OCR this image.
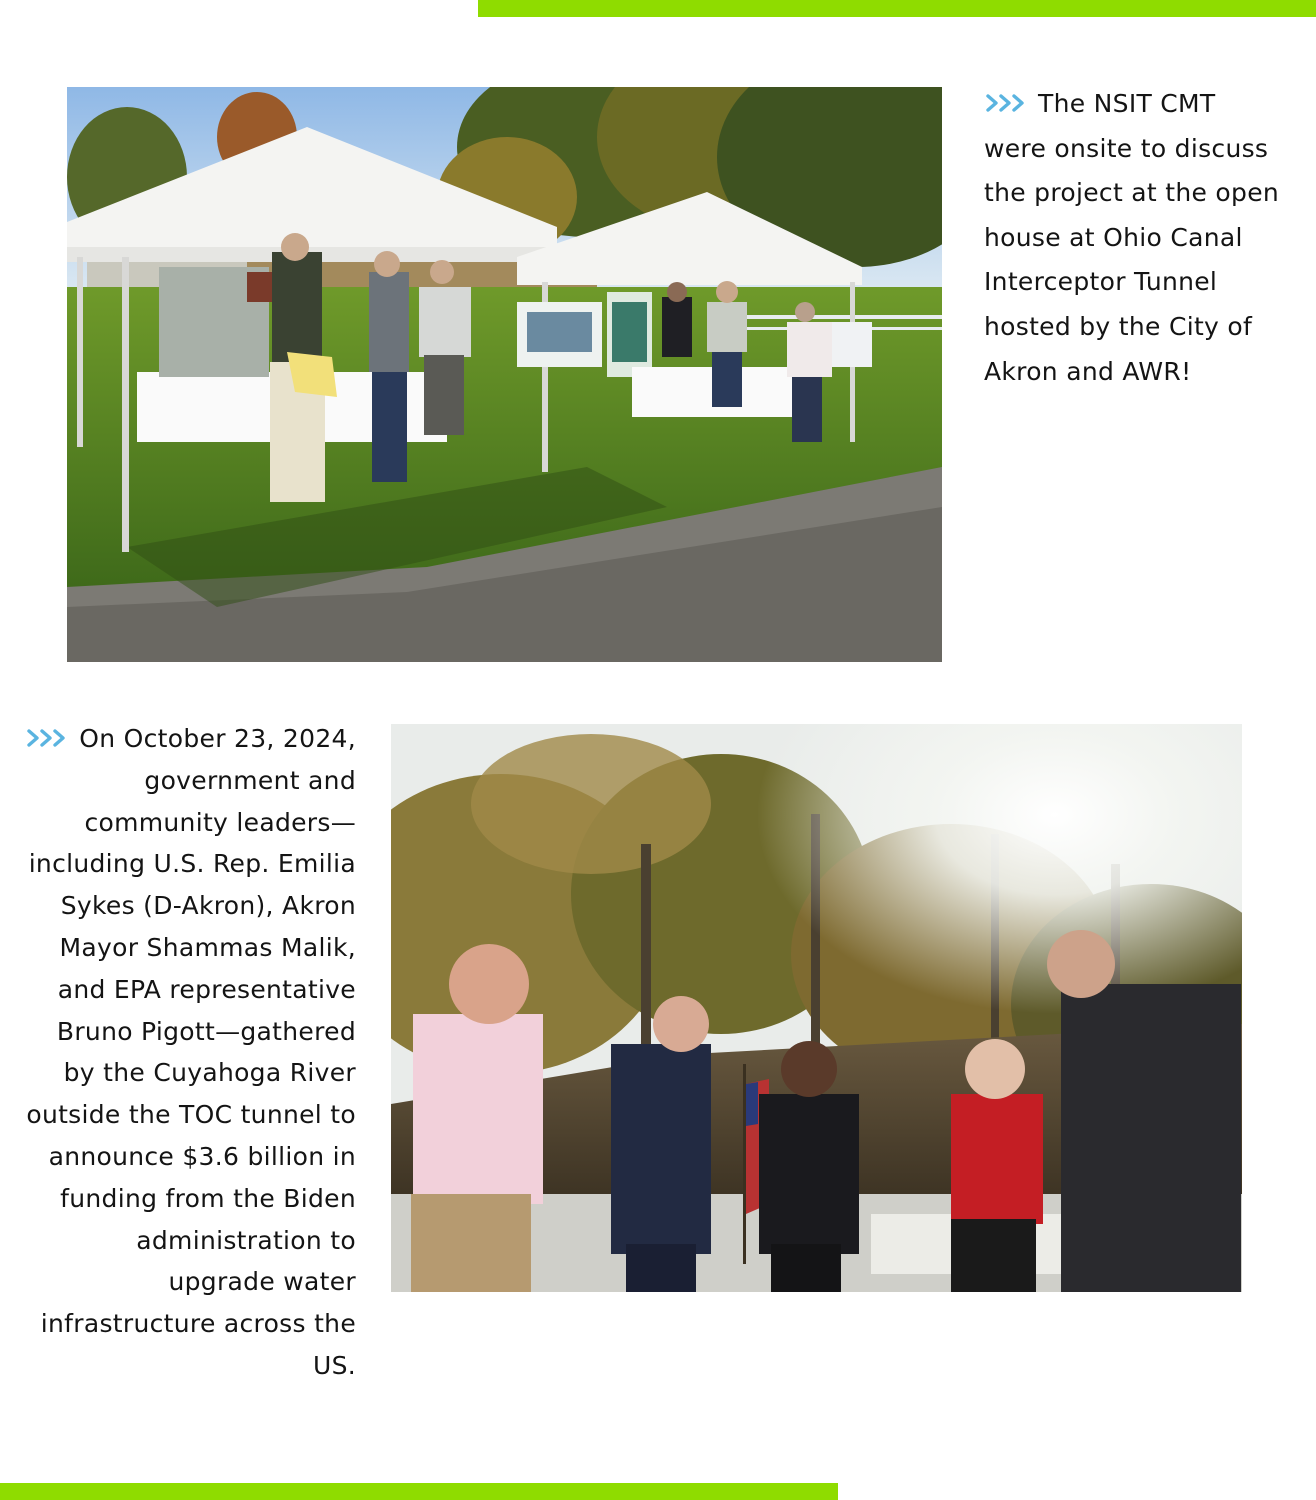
The NSIT CMT were onsite to discuss the project at the open house at Ohio Canal Interceptor Tunnel hosted by the City of Akron and AWR!

On October 23, 2024, government and community leaders—including U.S. Rep. Emilia Sykes (D-Akron), Akron Mayor Shammas Malik, and EPA representative Bruno Pigott—gathered by the Cuyahoga River outside the TOC tunnel to announce $3.6 billion in funding from the Biden administration to upgrade water infrastructure across the US.
